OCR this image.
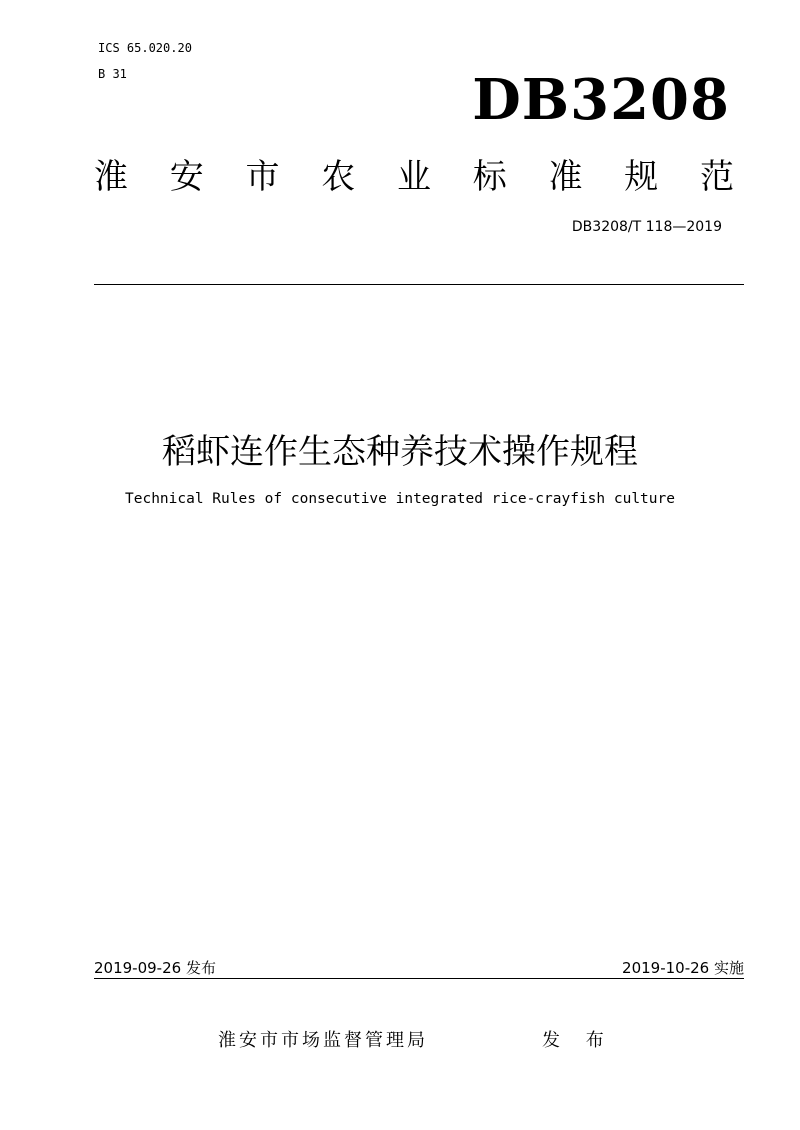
ICS 65.020.20
B 31	DB3208
淮 安 市 农 业 标 准 规 范
DB3208/T 118—2019
稻虾连作生态种养技术操作规程
Technical Rules of consecutive integrated rice-crayfish culture
2019-09-26 发布	2019-10-26 实施
淮安市市场监督管理局	发 布
